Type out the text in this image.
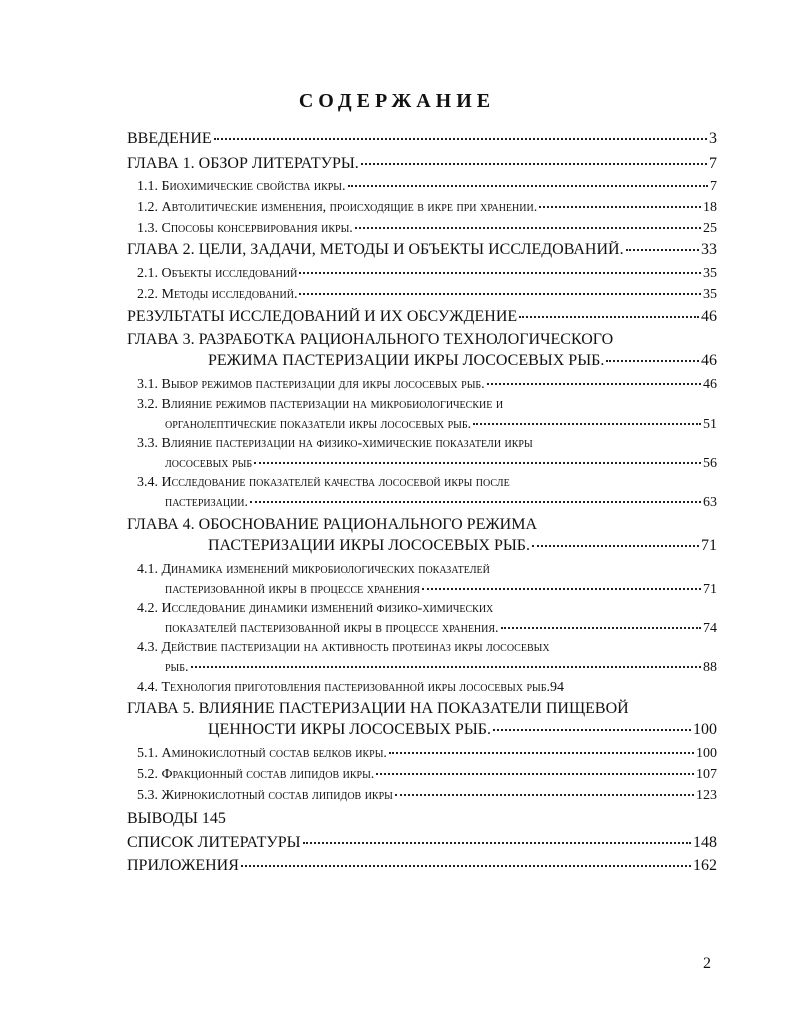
СОДЕРЖАНИЕ
ВВЕДЕНИЕ	3
ГЛАВА 1. ОБЗОР ЛИТЕРАТУРЫ.	7
1.1. Биохимические свойства икры.	7
1.2. Автолитические изменения, происходящие в икре при хранении.	18
1.3. Способы консервирования икры.	25
ГЛАВА 2. ЦЕЛИ, ЗАДАЧИ, МЕТОДЫ И ОБЪЕКТЫ ИССЛЕДОВАНИЙ.	33
2.1. Объекты исследований	35
2.2. Методы исследований.	35
РЕЗУЛЬТАТЫ ИССЛЕДОВАНИЙ И ИХ ОБСУЖДЕНИЕ	46
ГЛАВА 3. РАЗРАБОТКА РАЦИОНАЛЬНОГО ТЕХНОЛОГИЧЕСКОГО
РЕЖИМА ПАСТЕРИЗАЦИИ ИКРЫ ЛОСОСЕВЫХ РЫБ.	46
3.1. Выбор режимов пастеризации для икры лососевых рыб.	46
3.2. Влияние режимов пастеризации на микробиологические и
органолептические показатели икры лососевых рыб.	51
3.3. Влияние пастеризации на физико-химические показатели икры
лососевых рыб	56
3.4. Исследование показателей качества лососевой икры после
пастеризации.	63
ГЛАВА 4. ОБОСНОВАНИЕ РАЦИОНАЛЬНОГО РЕЖИМА
ПАСТЕРИЗАЦИИ ИКРЫ ЛОСОСЕВЫХ РЫБ.	71
4.1. Динамика изменений микробиологических показателей
пастеризованной икры в процессе хранения	71
4.2. Исследование динамики изменений физико-химических
показателей пастеризованной икры в процессе хранения.	74
4.3. Действие пастеризации на активность протеиназ икры лососевых
рыб.	88
4.4. Технология приготовления пастеризованной икры лососевых рыб. 94
ГЛАВА 5. ВЛИЯНИЕ ПАСТЕРИЗАЦИИ НА ПОКАЗАТЕЛИ ПИЩЕВОЙ
ЦЕННОСТИ ИКРЫ ЛОСОСЕВЫХ РЫБ.	100
5.1. Аминокислотный состав белков икры.	100
5.2. Фракционный состав липидов икры.	107
5.3. Жирнокислотный состав липидов икры	123
ВЫВОДЫ 145
СПИСОК ЛИТЕРАТУРЫ	148
ПРИЛОЖЕНИЯ	162
2
